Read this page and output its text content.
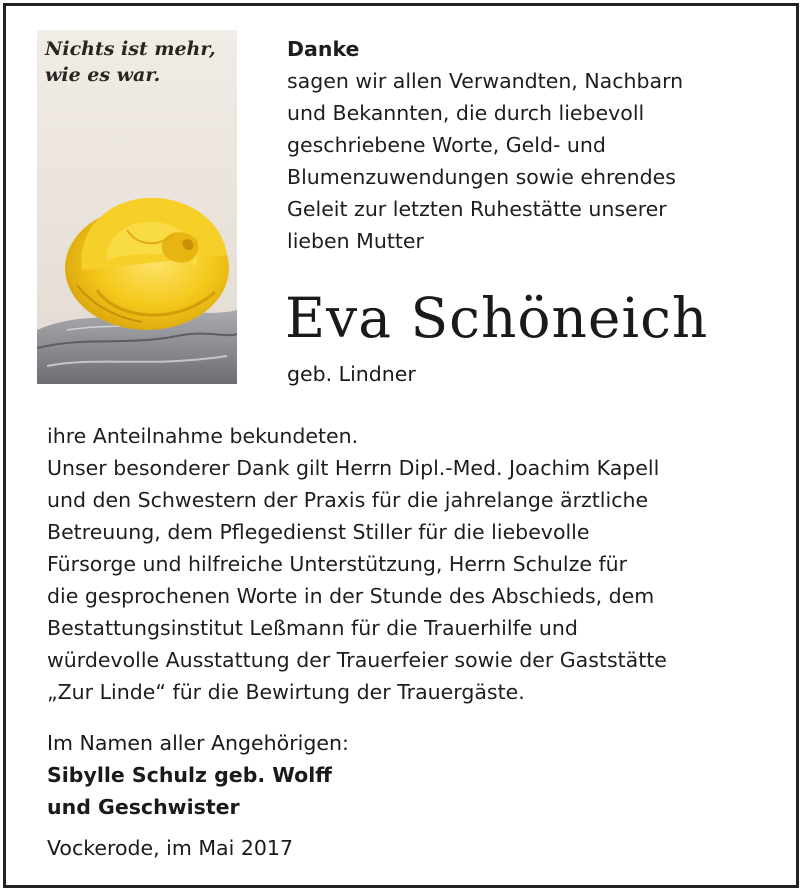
Nichts ist mehr,
wie es war.

Danke
sagen wir allen Verwandten, Nachbarn
und Bekannten, die durch liebevoll
geschriebene Worte, Geld- und
Blumenzuwendungen sowie ehrendes
Geleit zur letzten Ruhestätte unserer
lieben Mutter
Eva Schöneich
geb. Lindner
ihre Anteilnahme bekundeten.
Unser besonderer Dank gilt Herrn Dipl.-Med. Joachim Kapell
und den Schwestern der Praxis für die jahrelange ärztliche
Betreuung, dem Pflegedienst Stiller für die liebevolle
Fürsorge und hilfreiche Unterstützung, Herrn Schulze für
die gesprochenen Worte in der Stunde des Abschieds, dem
Bestattungsinstitut Leßmann für die Trauerhilfe und
würdevolle Ausstattung der Trauerfeier sowie der Gaststätte
„Zur Linde“ für die Bewirtung der Trauergäste.
Im Namen aller Angehörigen:
Sibylle Schulz geb. Wolff
und Geschwister
Vockerode, im Mai 2017
